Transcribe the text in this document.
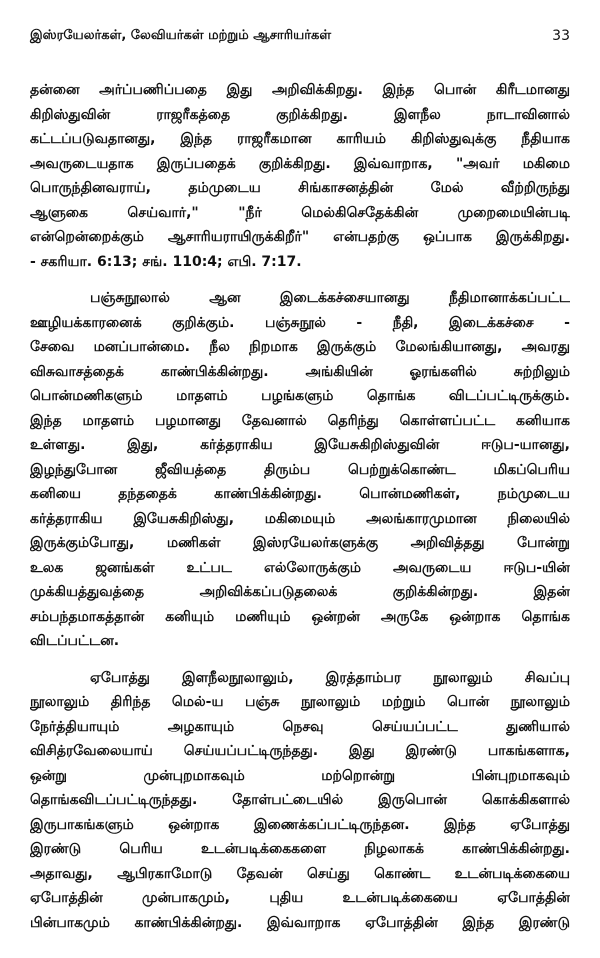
இஸ்ரயேலர்கள், லேவியர்கள் மற்றும் ஆசாரியர்கள்	33
தன்னை அர்ப்பணிப்பதை இது அறிவிக்கிறது. இந்த பொன் கிரீடமானது
கிறிஸ்துவின் ராஜரீகத்தை குறிக்கிறது. இளநீல நாடாவினால்
கட்டப்படுவதானது, இந்த ராஜரீகமான காரியம் கிறிஸ்துவுக்கு நீதியாக
அவருடையதாக இருப்பதைக் குறிக்கிறது. இவ்வாறாக, "அவர் மகிமை
பொருந்தினவராய், தம்முடைய சிங்காசனத்தின் மேல் வீற்றிருந்து
ஆளுகை செய்வார்," "நீர் மெல்கிசெதேக்கின் முறைமையின்படி
என்றென்றைக்கும் ஆசாரியராயிருக்கிறீர்" என்பதற்கு ஒப்பாக இருக்கிறது.
- சகரியா. 6:13; சங். 110:4; எபி. 7:17.
பஞ்சுநூலால் ஆன இடைக்கச்சையானது நீதிமானாக்கப்பட்ட
ஊழியக்காரனைக் குறிக்கும். பஞ்சுநூல் - நீதி, இடைக்கச்சை -
சேவை மனப்பான்மை. நீல நிறமாக இருக்கும் மேலங்கியானது, அவரது
விசுவாசத்தைக் காண்பிக்கின்றது. அங்கியின் ஓரங்களில் சுற்றிலும்
பொன்மணிகளும் மாதளம் பழங்களும் தொங்க விடப்பட்டிருக்கும்.
இந்த மாதளம் பழமானது தேவனால் தெரிந்து கொள்ளப்பட்ட கனியாக
உள்ளது. இது, கர்த்தராகிய இயேசுகிறிஸ்துவின் ஈடுப-யானது,
இழந்துபோன ஜீவியத்தை திரும்ப பெற்றுக்கொண்ட மிகப்பெரிய
கனியை தந்ததைக் காண்பிக்கின்றது. பொன்மணிகள், நம்முடைய
கர்த்தராகிய இயேசுகிறிஸ்து, மகிமையும் அலங்காரமுமான நிலையில்
இருக்கும்போது, மணிகள் இஸ்ரயேலர்களுக்கு அறிவித்தது போன்று
உலக ஜனங்கள் உட்பட எல்லோருக்கும் அவருடைய ஈடுப-யின்
முக்கியத்துவத்தை அறிவிக்கப்படுதலைக் குறிக்கின்றது. இதன்
சம்பந்தமாகத்தான் கனியும் மணியும் ஒன்றன் அருகே ஒன்றாக தொங்க
விடப்பட்டன.
ஏபோத்து இளநீலநூலாலும், இரத்தாம்பர நூலாலும் சிவப்பு
நூலாலும் திரிந்த மெல்-ய பஞ்சு நூலாலும் மற்றும் பொன் நூலாலும்
நேர்த்தியாயும் அழகாயும் நெசவு செய்யப்பட்ட துணியால்
விசித்ரவேலையாய் செய்யப்பட்டிருந்தது. இது இரண்டு பாகங்களாக,
ஒன்று முன்புறமாகவும் மற்றொன்று பின்புறமாகவும்
தொங்கவிடப்பட்டிருந்தது. தோள்பட்டையில் இருபொன் கொக்கிகளால்
இருபாகங்களும் ஒன்றாக இணைக்கப்பட்டிருந்தன. இந்த ஏபோத்து
இரண்டு பெரிய உடன்படிக்கைகளை நிழலாகக் காண்பிக்கின்றது.
அதாவது, ஆபிரகாமோடு தேவன் செய்து கொண்ட உடன்படிக்கையை
ஏபோத்தின் முன்பாகமும், புதிய உடன்படிக்கையை ஏபோத்தின்
பின்பாகமும் காண்பிக்கின்றது. இவ்வாறாக ஏபோத்தின் இந்த இரண்டு
